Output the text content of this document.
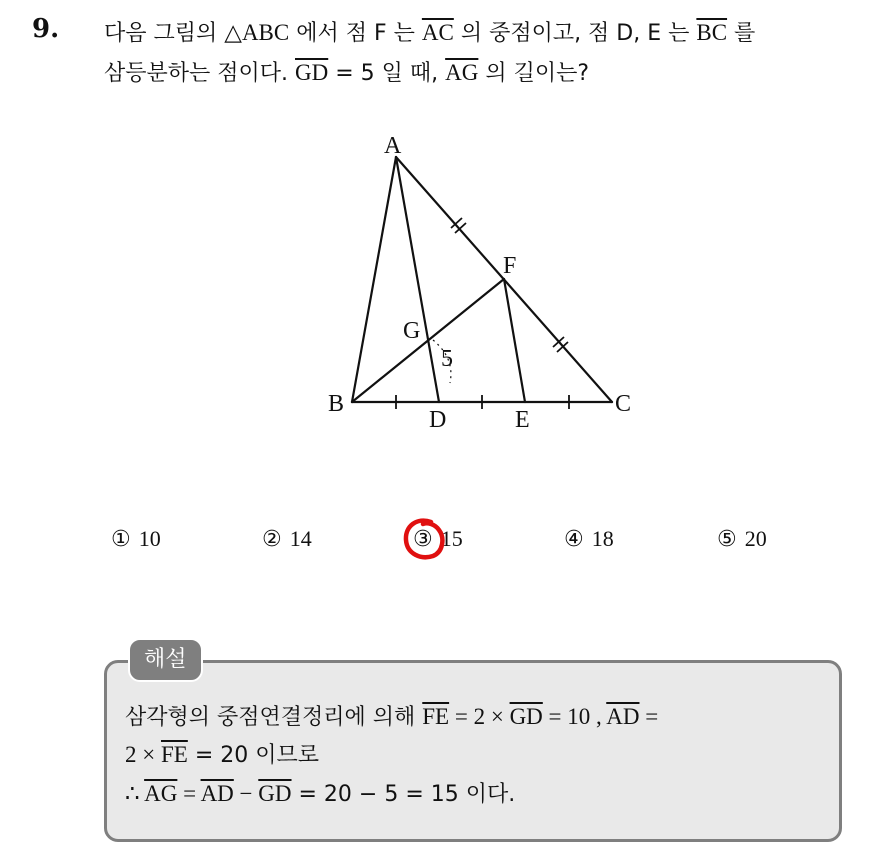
9. 다음 그림의 △ABC 에서 점 F 는 $\overline{AC}$ 의 중점이고, 점 D, E 는 $\overline{BC}$ 를
삼등분하는 점이다. $\overline{GD} = 5$ 일 때, $\overline{AG}$ 의 길이는?
A
B	C
D	E
F
G
5
① 10	② 14	③ 15	④ 18	⑤ 20
해설
삼각형의 중점연결정리에 의해 $\overline{FE} = 2 \times \overline{GD} = 10$ , $\overline{AD}$ =
$2 \times \overline{FE} = 20$ 이므로
∴ $\overline{AG} = \overline{AD} - \overline{GD} = 20 - 5 = 15$ 이다.
